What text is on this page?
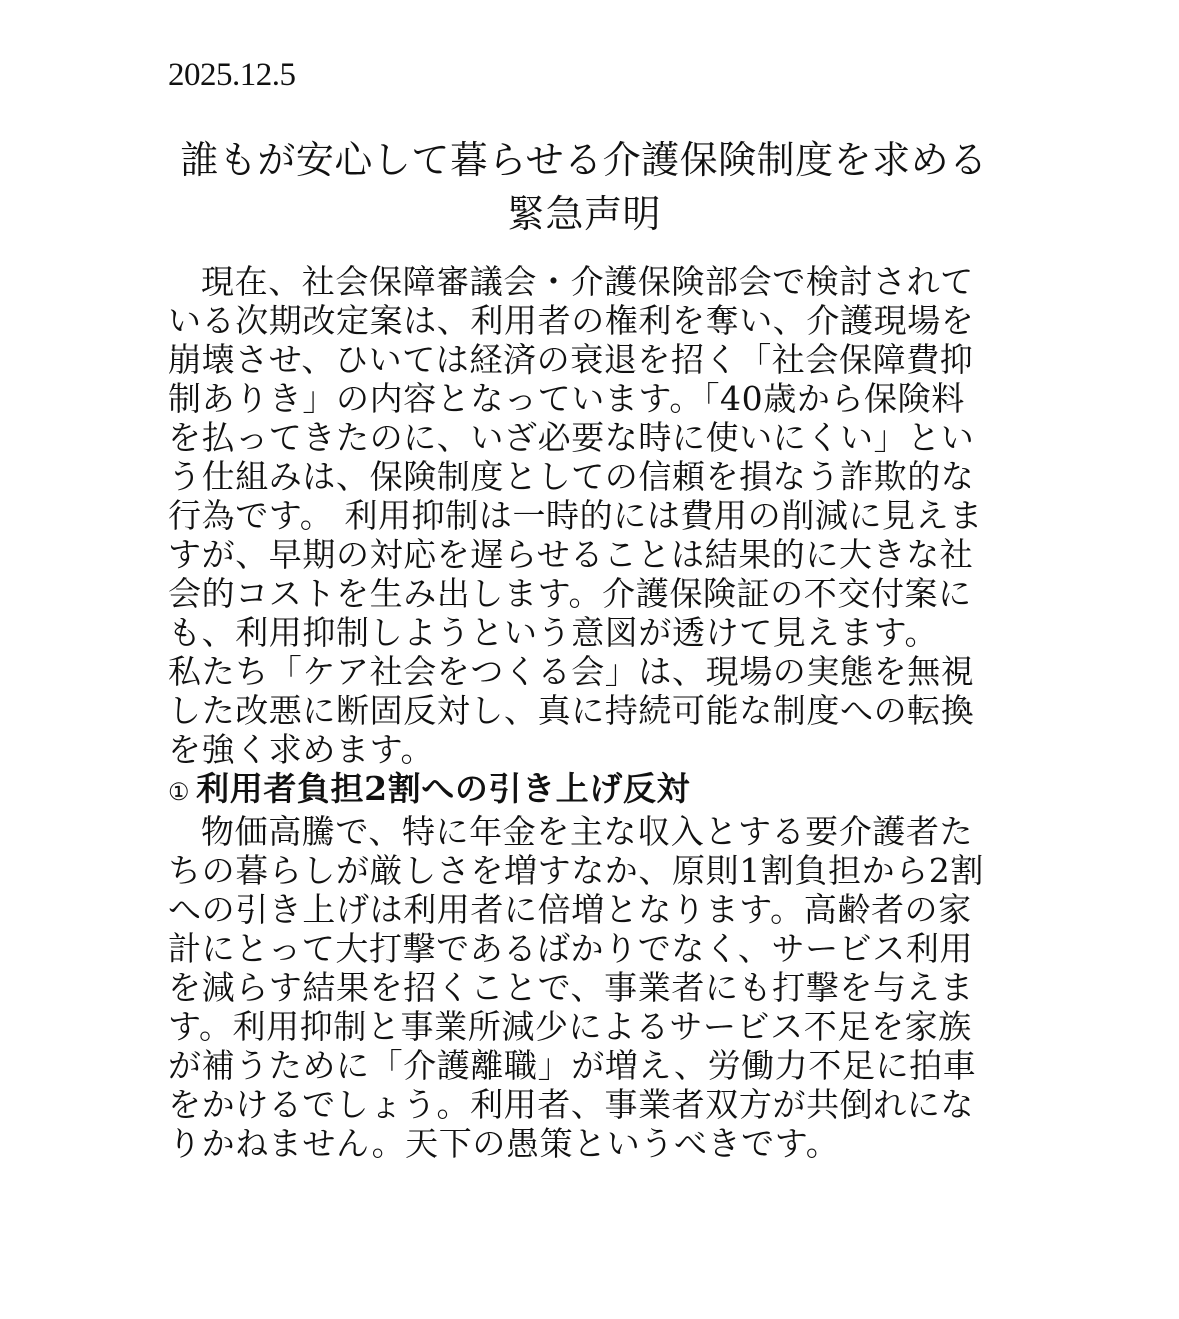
2025.12.5
誰もが安心して暮らせる介護保険制度を求める緊急声明

現在、社会保障審議会・介護保険部会で検討されている次期改定案は、利用者の権利を奪い、介護現場を崩壊させ、ひいては経済の衰退を招く「社会保障費抑制ありき」の内容となっています。「40歳から保険料を払ってきたのに、いざ必要な時に使いにくい」という仕組みは、保険制度としての信頼を損なう詐欺的な行為です。 利用抑制は一時的には費用の削減に見えますが、早期の対応を遅らせることは結果的に大きな社会的コストを生み出します。介護保険証の不交付案にも、利用抑制しようという意図が透けて見えます。

私たち「ケア社会をつくる会」は、現場の実態を無視した改悪に断固反対し、真に持続可能な制度への転換を強く求めます。

① 利用者負担2割への引き上げ反対

物価高騰で、特に年金を主な収入とする要介護者たちの暮らしが厳しさを増すなか、原則1割負担から2割への引き上げは利用者に倍増となります。高齢者の家計にとって大打撃であるばかりでなく、サービス利用を減らす結果を招くことで、事業者にも打撃を与えます。利用抑制と事業所減少によるサービス不足を家族が補うために「介護離職」が増え、労働力不足に拍車をかけるでしょう。利用者、事業者双方が共倒れになりかねません。天下の愚策というべきです。
